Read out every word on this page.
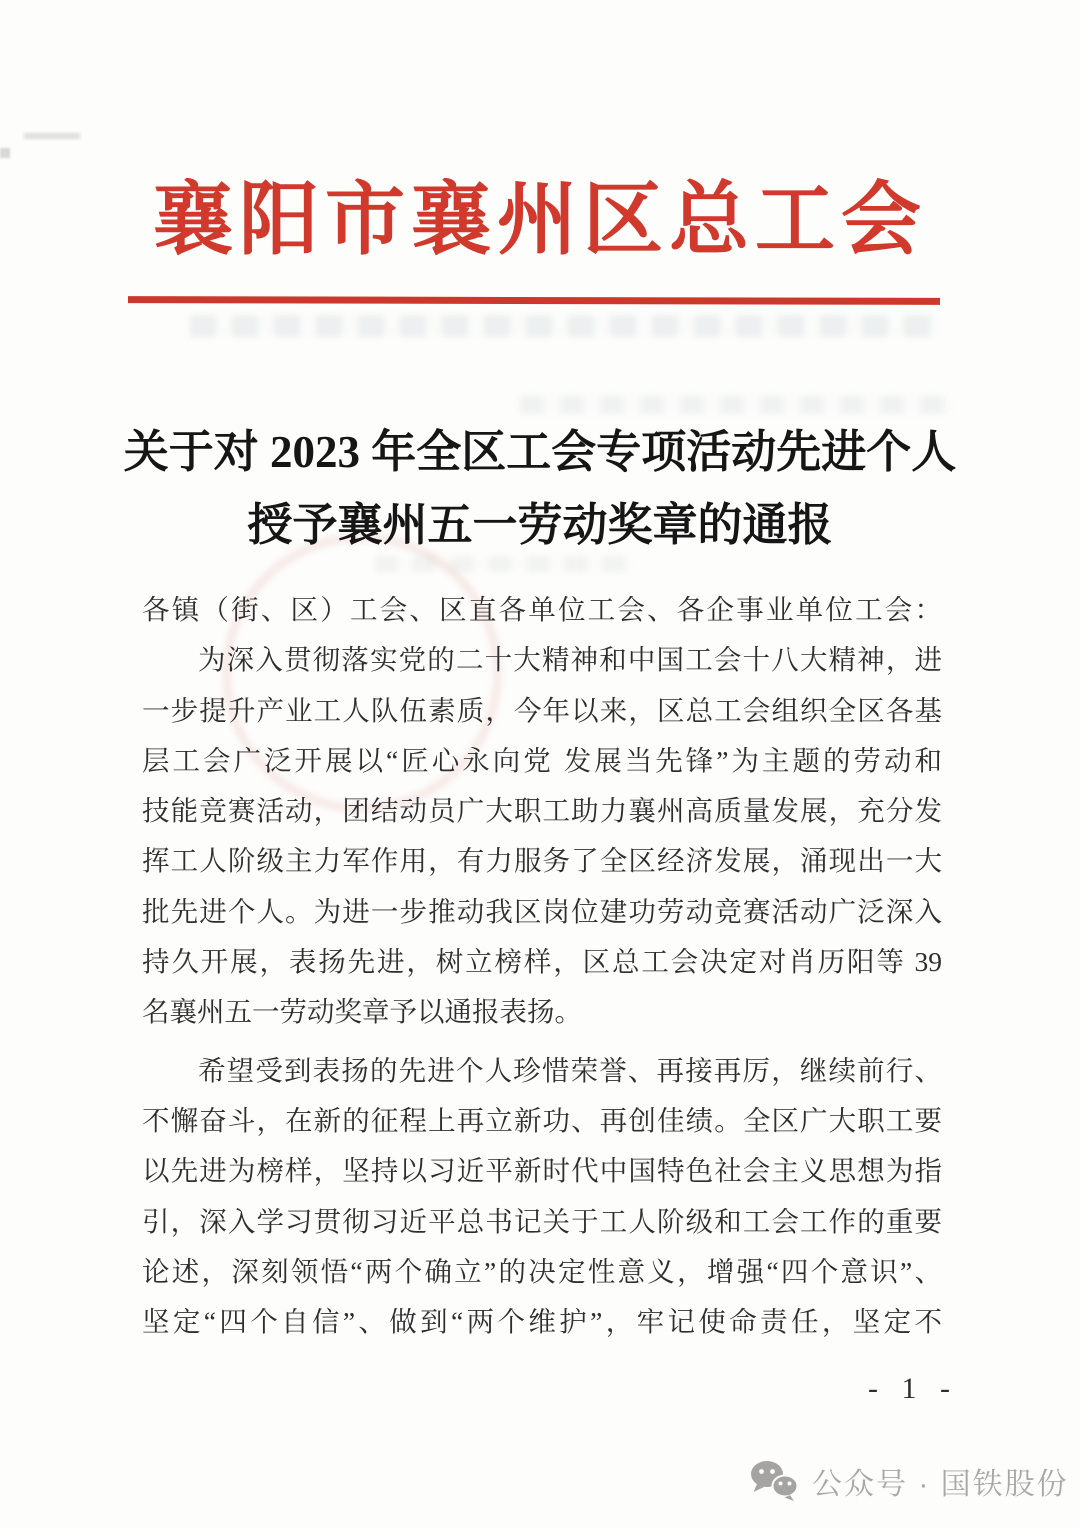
襄阳市襄州区总工会
关于对 2023 年全区工会专项活动先进个人
授予襄州五一劳动奖章的通报
各镇（街、区）工会、区直各单位工会、各企事业单位工会：
为深入贯彻落实党的二十大精神和中国工会十八大精神，进
一步提升产业工人队伍素质，今年以来，区总工会组织全区各基
层工会广泛开展以“匠心永向党 发展当先锋”为主题的劳动和
技能竞赛活动，团结动员广大职工助力襄州高质量发展，充分发
挥工人阶级主力军作用，有力服务了全区经济发展，涌现出一大
批先进个人。为进一步推动我区岗位建功劳动竞赛活动广泛深入
持久开展，表扬先进，树立榜样，区总工会决定对肖历阳等 39
名襄州五一劳动奖章予以通报表扬。
希望受到表扬的先进个人珍惜荣誉、再接再厉，继续前行、
不懈奋斗，在新的征程上再立新功、再创佳绩。全区广大职工要
以先进为榜样，坚持以习近平新时代中国特色社会主义思想为指
引，深入学习贯彻习近平总书记关于工人阶级和工会工作的重要
论述，深刻领悟“两个确立”的决定性意义，增强“四个意识”、
坚定“四个自信”、做到“两个维护”，牢记使命责任，坚定不
- 1 -
公众号 · 国铁股份
